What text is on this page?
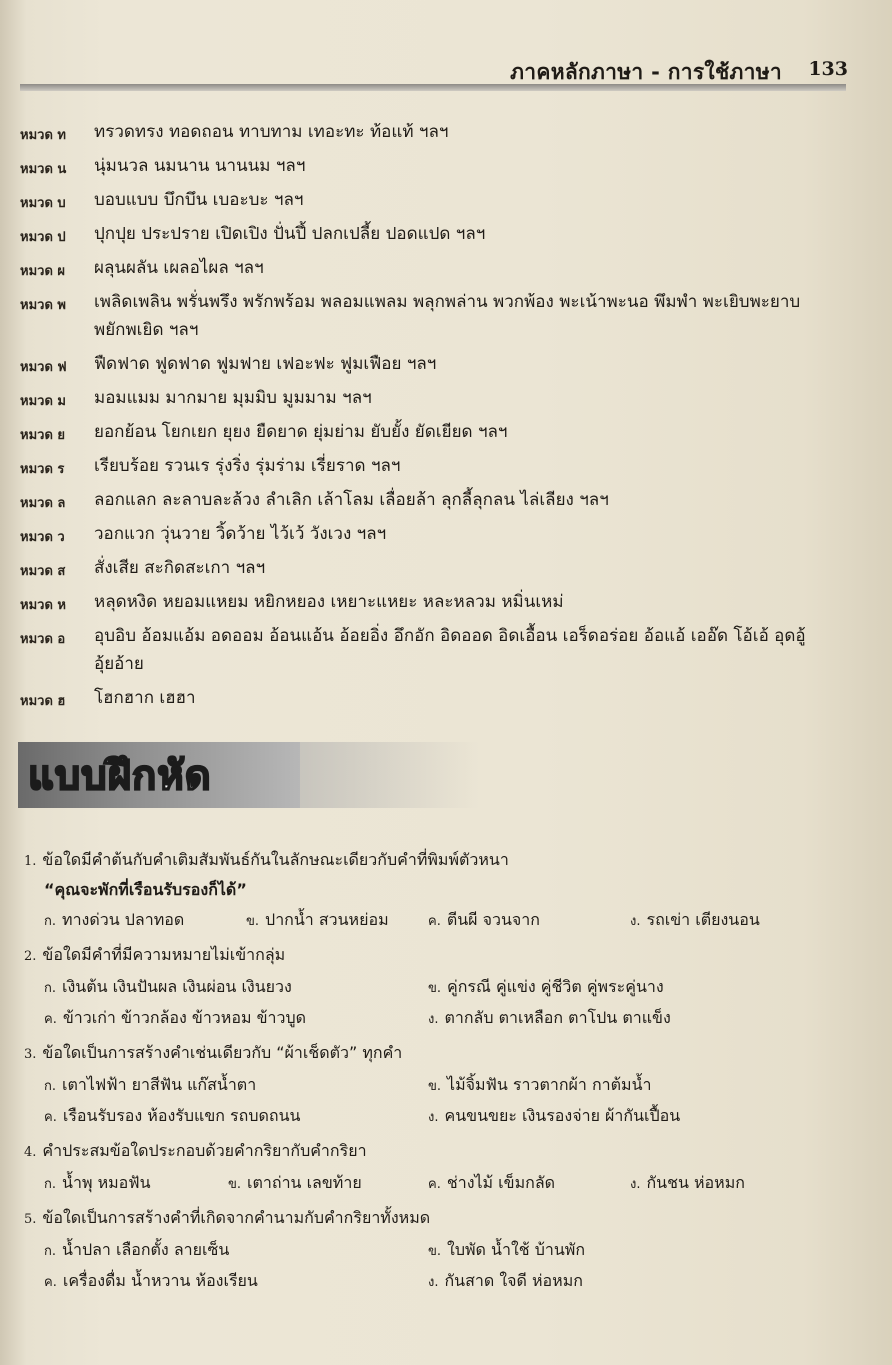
ภาคหลักภาษา - การใช้ภาษา 133
หมวด ท	ทรวดทรง ทอดถอน ทาบทาม เทอะทะ ท้อแท้ ฯลฯ
หมวด น	นุ่มนวล นมนาน นานนม ฯลฯ
หมวด บ	บอบแบบ บึกบึน เบอะบะ ฯลฯ
หมวด ป	ปุกปุย ประปราย เปิดเปิง ปั่นปึ้ ปลกเปลี้ย ปอดแปด ฯลฯ
หมวด ผ	ผลุนผลัน เผลอไผล ฯลฯ
หมวด พ	เพลิดเพลิน พรั่นพรึง พรักพร้อม พลอมแพลม พลุกพล่าน พวกพ้อง พะเน้าพะนอ พึมพำ พะเยิบพะยาบ พยักพเยิด ฯลฯ
หมวด ฟ	ฟืดฟาด ฟูดฟาด ฟูมฟาย เฟอะฟะ ฟูมเฟือย ฯลฯ
หมวด ม	มอมแมม มากมาย มุมมิบ มูมมาม ฯลฯ
หมวด ย	ยอกย้อน โยกเยก ยุยง ยืดยาด ยุ่มย่าม ยับยั้ง ยัดเยียด ฯลฯ
หมวด ร	เรียบร้อย รวนเร รุ่งริ่ง รุ่มร่าม เรี่ยราด ฯลฯ
หมวด ล	ลอกแลก ละลาบละล้วง ลำเลิก เล้าโลม เลื่อยล้า ลุกลี้ลุกลน ไล่เลียง ฯลฯ
หมวด ว	วอกแวก วุ่นวาย วิ้ดว้าย ไว้เว้ วังเวง ฯลฯ
หมวด ส	สั่งเสีย สะกิดสะเกา ฯลฯ
หมวด ห	หลุดหงิด หยอมแหยม หยิกหยอง เหยาะแหยะ หละหลวม หมิ่นเหม่
หมวด อ	อุบอิบ อ้อมแอ้ม อดออม อ้อนแอ้น อ้อยอิ่ง อึกอัก อิดออด อิดเอื้อน เอร็ดอร่อย อ้อแอ้ เออ๊ด โอ้เอ้ อุดอู้ อุ้ยอ้าย
หมวด ฮ	โฮกฮาก เฮฮา
แบบฝึกหัด
1. ข้อใดมีคำต้นกับคำเติมสัมพันธ์กันในลักษณะเดียวกับคำที่พิมพ์ตัวหนา
“คุณจะพักที่เรือนรับรองก็ได้”
ก. ทางด่วน ปลาทอด	ข. ปากน้ำ สวนหย่อม	ค. ตีนผี จวนจาก	ง. รถเข่า เตียงนอน
2. ข้อใดมีคำที่มีความหมายไม่เข้ากลุ่ม
ก. เงินต้น เงินปันผล เงินผ่อน เงินยวง	ข. คู่กรณี คู่แข่ง คู่ชีวิต คู่พระคู่นาง
ค. ข้าวเก่า ข้าวกล้อง ข้าวหอม ข้าวบูด	ง. ตากลับ ตาเหลือก ตาโปน ตาแข็ง
3. ข้อใดเป็นการสร้างคำเช่นเดียวกับ “ผ้าเช็ดตัว” ทุกคำ
ก. เตาไฟฟ้า ยาสีฟัน แก๊สน้ำตา	ข. ไม้จิ้มฟัน ราวตากผ้า กาต้มน้ำ
ค. เรือนรับรอง ห้องรับแขก รถบดถนน	ง. คนขนขยะ เงินรองจ่าย ผ้ากันเปื้อน
4. คำประสมข้อใดประกอบด้วยคำกริยากับคำกริยา
ก. น้ำพุ หมอฟัน	ข. เตาถ่าน เลขท้าย	ค. ช่างไม้ เข็มกลัด	ง. กันชน ห่อหมก
5. ข้อใดเป็นการสร้างคำที่เกิดจากคำนามกับคำกริยาทั้งหมด
ก. น้ำปลา เลือกตั้ง ลายเซ็น	ข. ใบพัด น้ำใช้ บ้านพัก
ค. เครื่องดื่ม น้ำหวาน ห้องเรียน	ง. กันสาด ใจดี ห่อหมก
